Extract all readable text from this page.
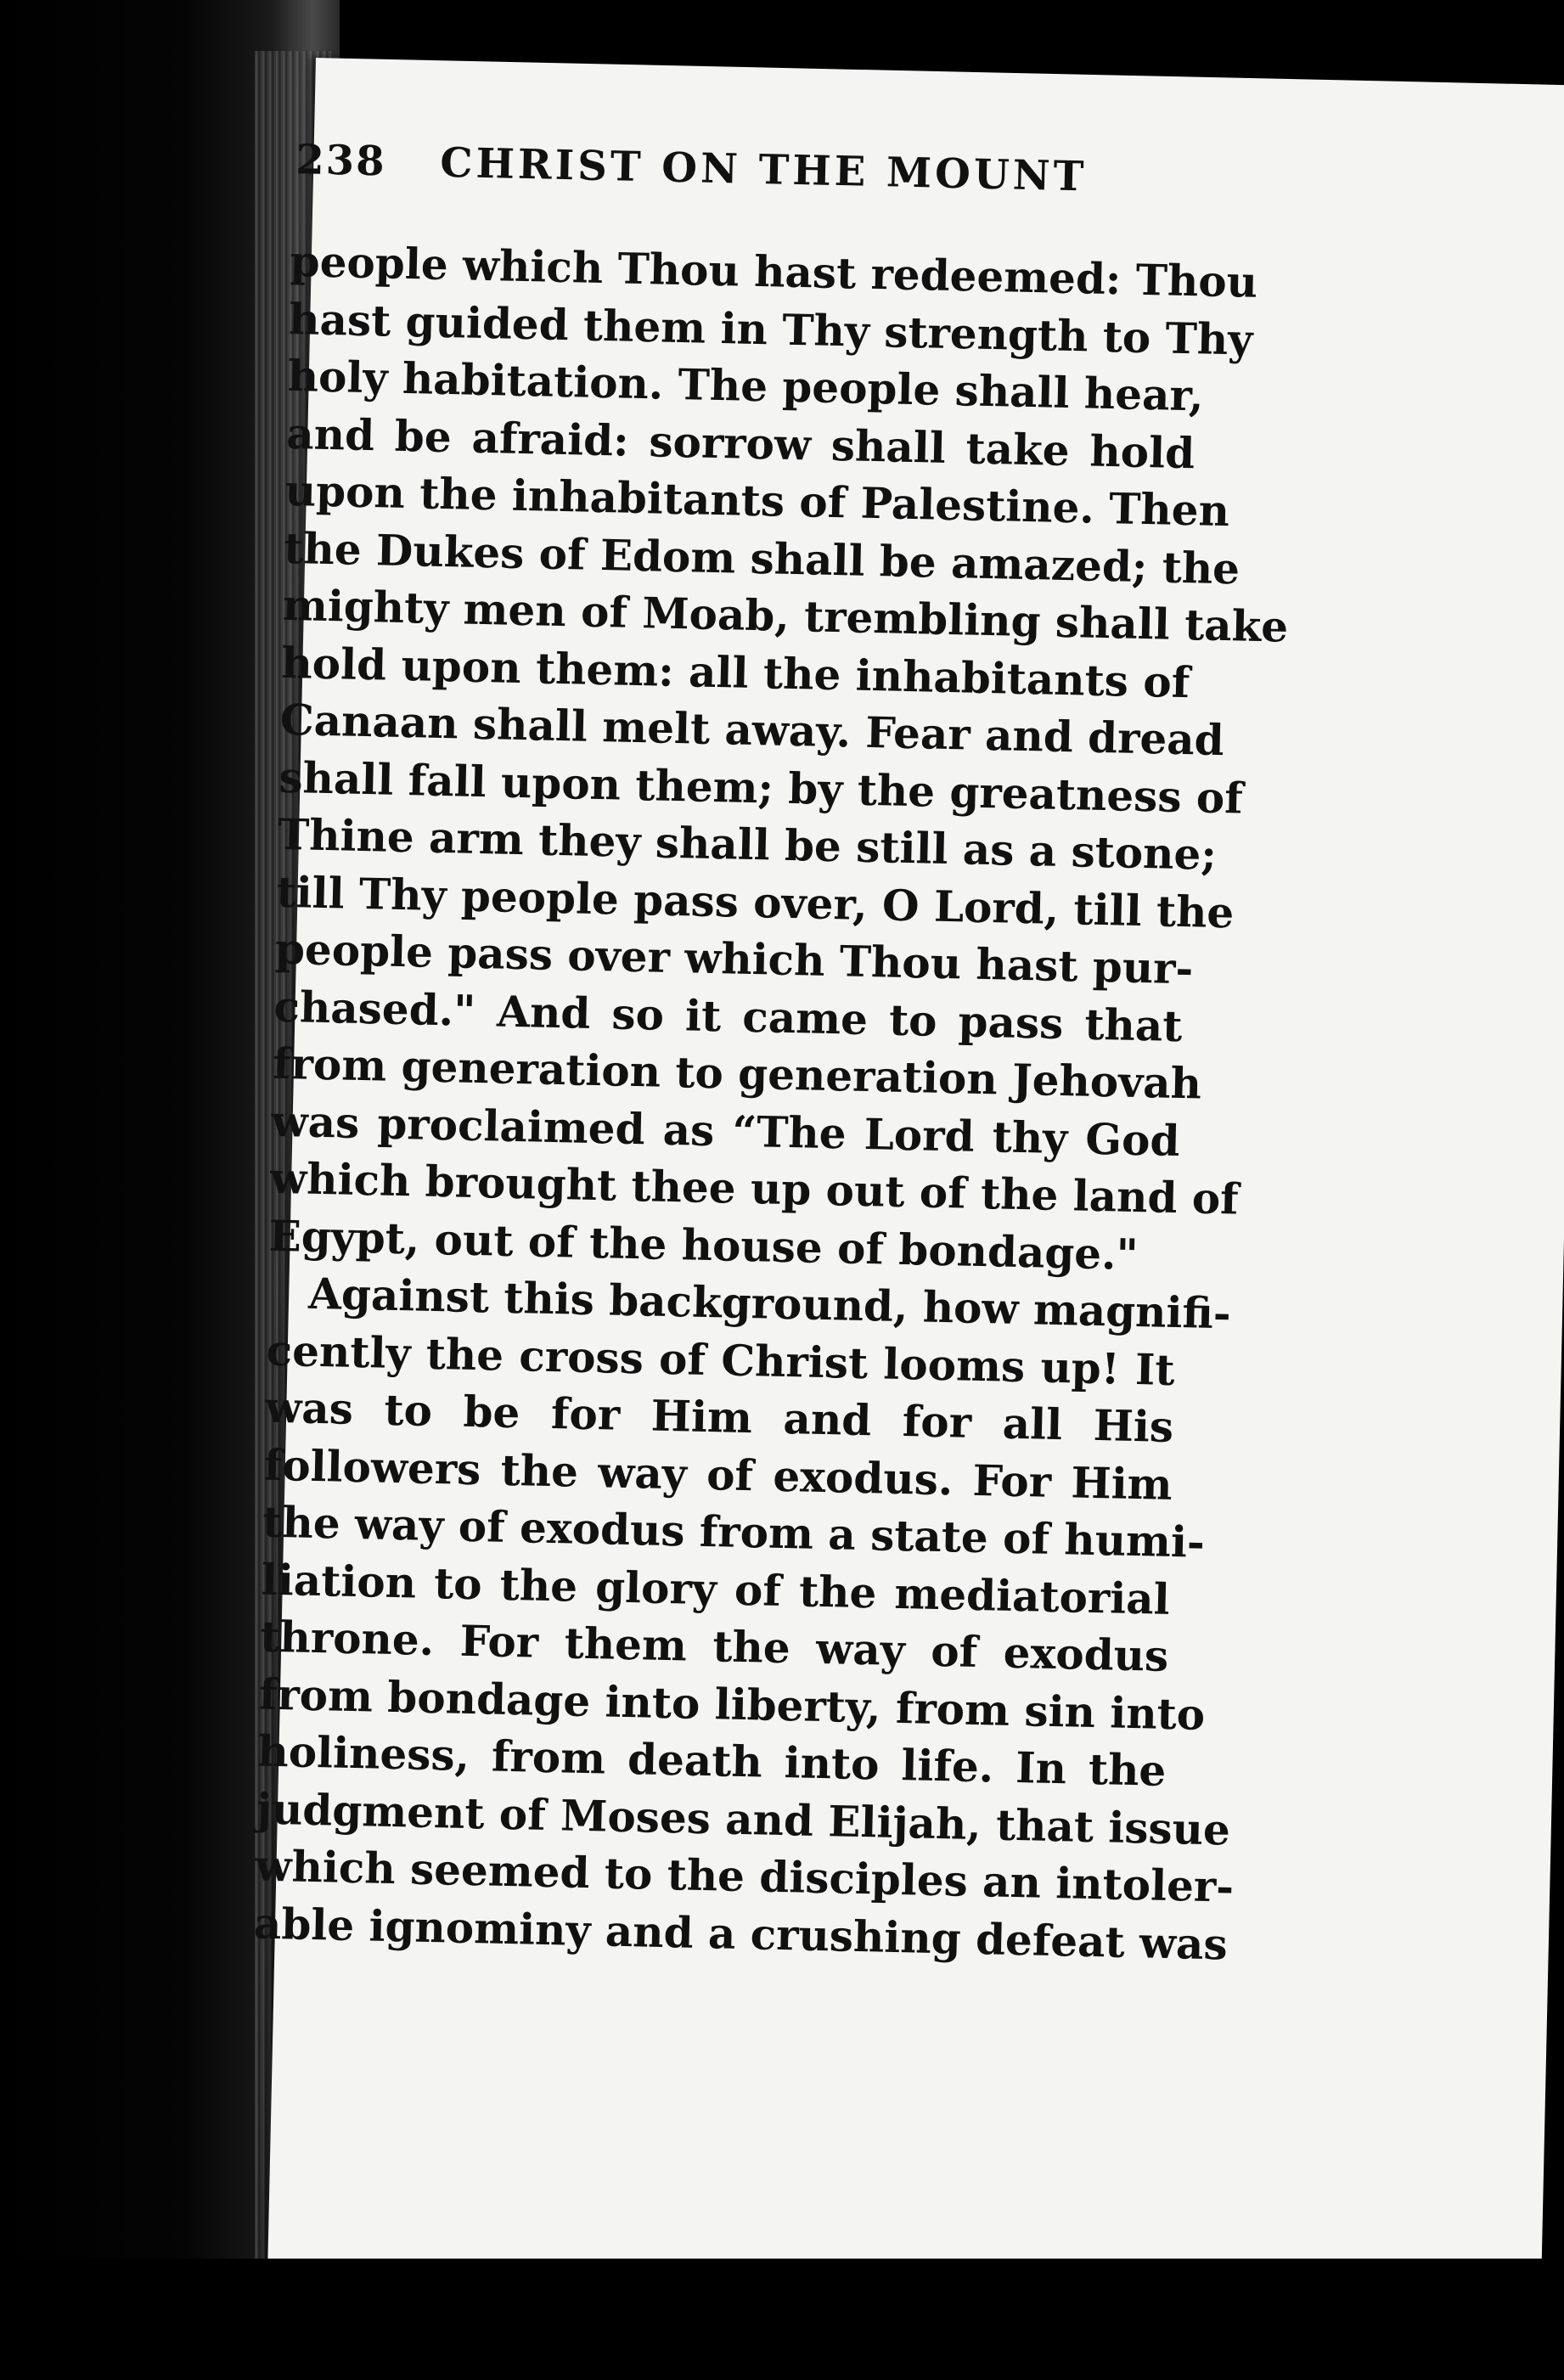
238 CHRIST ON THE MOUNT
people which Thou hast redeemed: Thou
hast guided them in Thy strength to Thy
holy habitation. The people shall hear,
and be afraid: sorrow shall take hold
upon the inhabitants of Palestine. Then
the Dukes of Edom shall be amazed; the
mighty men of Moab, trembling shall take
hold upon them: all the inhabitants of
Canaan shall melt away. Fear and dread
shall fall upon them; by the greatness of
Thine arm they shall be still as a stone;
till Thy people pass over, O Lord, till the
people pass over which Thou hast pur-
chased." And so it came to pass that
from generation to generation Jehovah
was proclaimed as “The Lord thy God
which brought thee up out of the land of
Egypt, out of the house of bondage."
Against this background, how magnifi-
cently the cross of Christ looms up! It
was to be for Him and for all His
followers the way of exodus. For Him
the way of exodus from a state of humi-
liation to the glory of the mediatorial
throne. For them the way of exodus
from bondage into liberty, from sin into
holiness, from death into life. In the
judgment of Moses and Elijah, that issue
which seemed to the disciples an intoler-
able ignominy and a crushing defeat was
